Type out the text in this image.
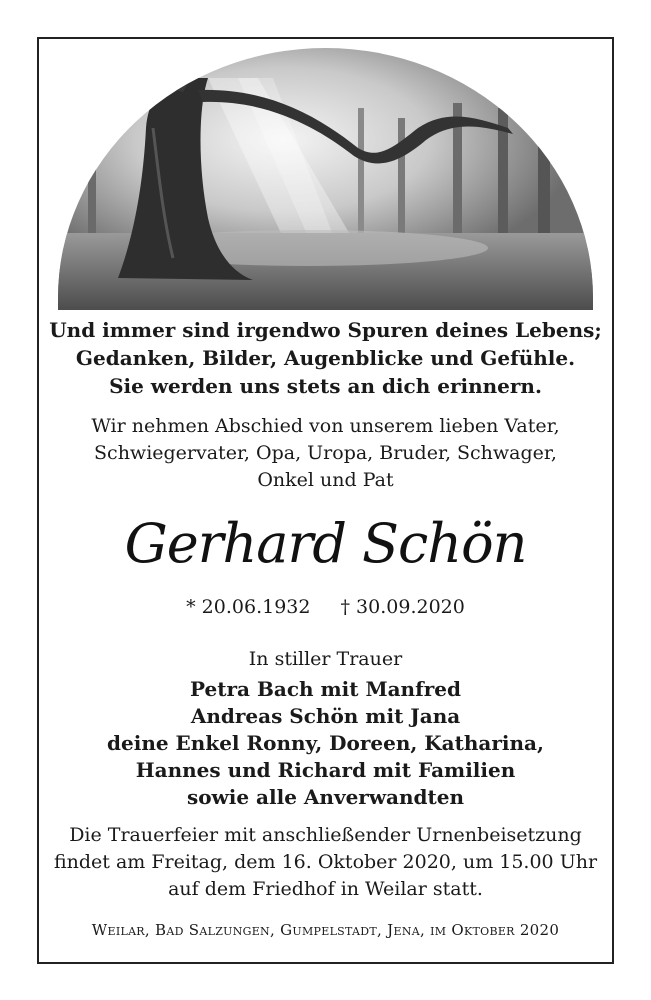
Und immer sind irgendwo Spuren deines Lebens;
Gedanken, Bilder, Augenblicke und Gefühle.
Sie werden uns stets an dich erinnern.
Wir nehmen Abschied von unserem lieben Vater,
Schwiegervater, Opa, Uropa, Bruder, Schwager,
Onkel und Pat
Gerhard Schön
* 20.06.1932 † 30.09.2020
In stiller Trauer
Petra Bach mit Manfred
Andreas Schön mit Jana
deine Enkel Ronny, Doreen, Katharina,
Hannes und Richard mit Familien
sowie alle Anverwandten
Die Trauerfeier mit anschließender Urnenbeisetzung
findet am Freitag, dem 16. Oktober 2020, um 15.00 Uhr
auf dem Friedhof in Weilar statt.
Weilar, Bad Salzungen, Gumpelstadt, Jena, im Oktober 2020
